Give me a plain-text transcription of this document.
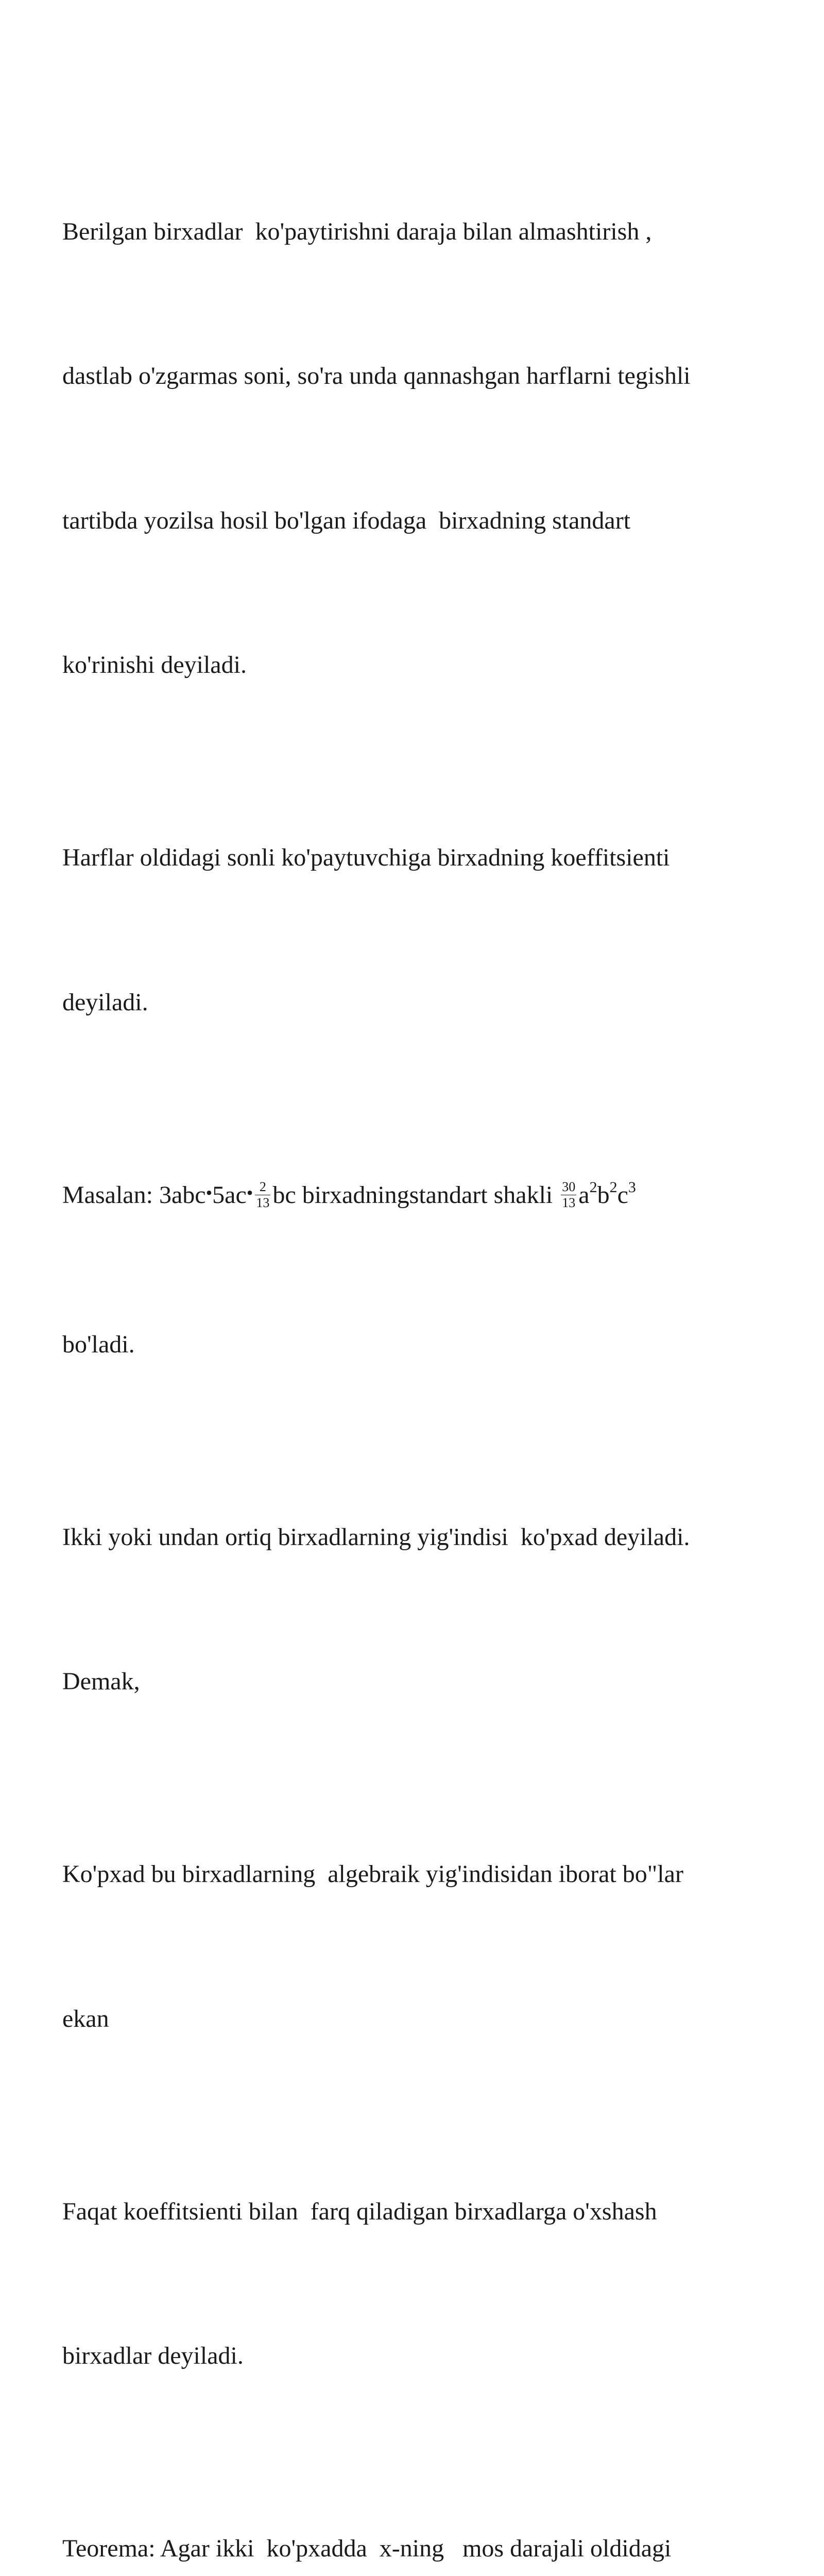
Berilgan birxadlar  ko'paytirishni daraja bilan almashtirish ,

dastlab o'zgarmas soni, so'ra unda qannashgan harflarni tegishli

tartibda yozilsa hosil bo'lgan ifodaga  birxadning standart

ko'rinishi deyiladi.

Harflar oldidagi sonli ko'paytuvchiga birxadning koeffitsienti

deyiladi.

Masalan: 3abc•5ac• $\frac{2}{13}$ bc birxadningstandart shakli $\frac{30}{13} a^2b^2c^3$

bo'ladi.

Ikki yoki undan ortiq birxadlarning yig'indisi  ko'pxad deyiladi.

Demak,

Ko'pxad bu birxadlarning  algebraik yig'indisidan iborat bo"lar

ekan

Faqat koeffitsienti bilan  farq qiladigan birxadlarga o'xshash

birxadlar deyiladi.

Teorema: Agar ikki  ko'pxadda  x-ning   mos darajali oldidagi
